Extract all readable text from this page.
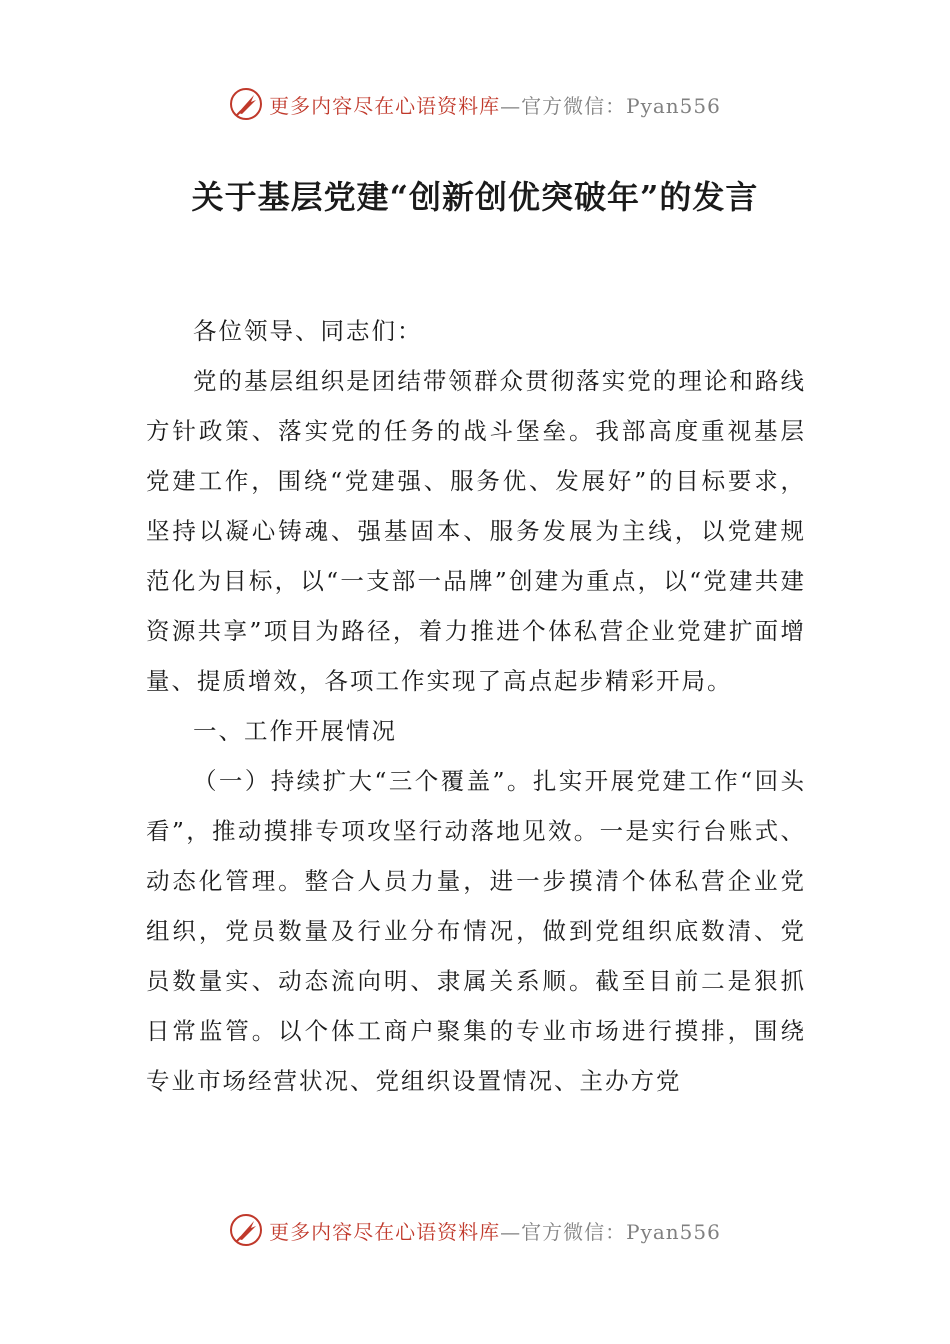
更多内容尽在心语资料库 —官方微信：Pyan556
关于基层党建“创新创优突破年”的发言

各位领导、同志们：

党的基层组织是团结带领群众贯彻落实党的理论和路线方针政策、落实党的任务的战斗堡垒。我部高度重视基层党建工作，围绕“党建强、服务优、发展好”的目标要求，坚持以凝心铸魂、强基固本、服务发展为主线，以党建规范化为目标，以“一支部一品牌”创建为重点，以“党建共建 资源共享”项目为路径，着力推进个体私营企业党建扩面增量、提质增效，各项工作实现了高点起步精彩开局。

一、工作开展情况

（一）持续扩大“三个覆盖”。扎实开展党建工作“回头看”，推动摸排专项攻坚行动落地见效。一是实行台账式、动态化管理。整合人员力量，进一步摸清个体私营企业党组织，党员数量及行业分布情况，做到党组织底数清、党员数量实、动态流向明、隶属关系顺。截至目前二是狠抓日常监管。以个体工商户聚集的专业市场进行摸排，围绕专业市场经营状况、党组织设置情况、主办方党

更多内容尽在心语资料库 —官方微信：Pyan556
